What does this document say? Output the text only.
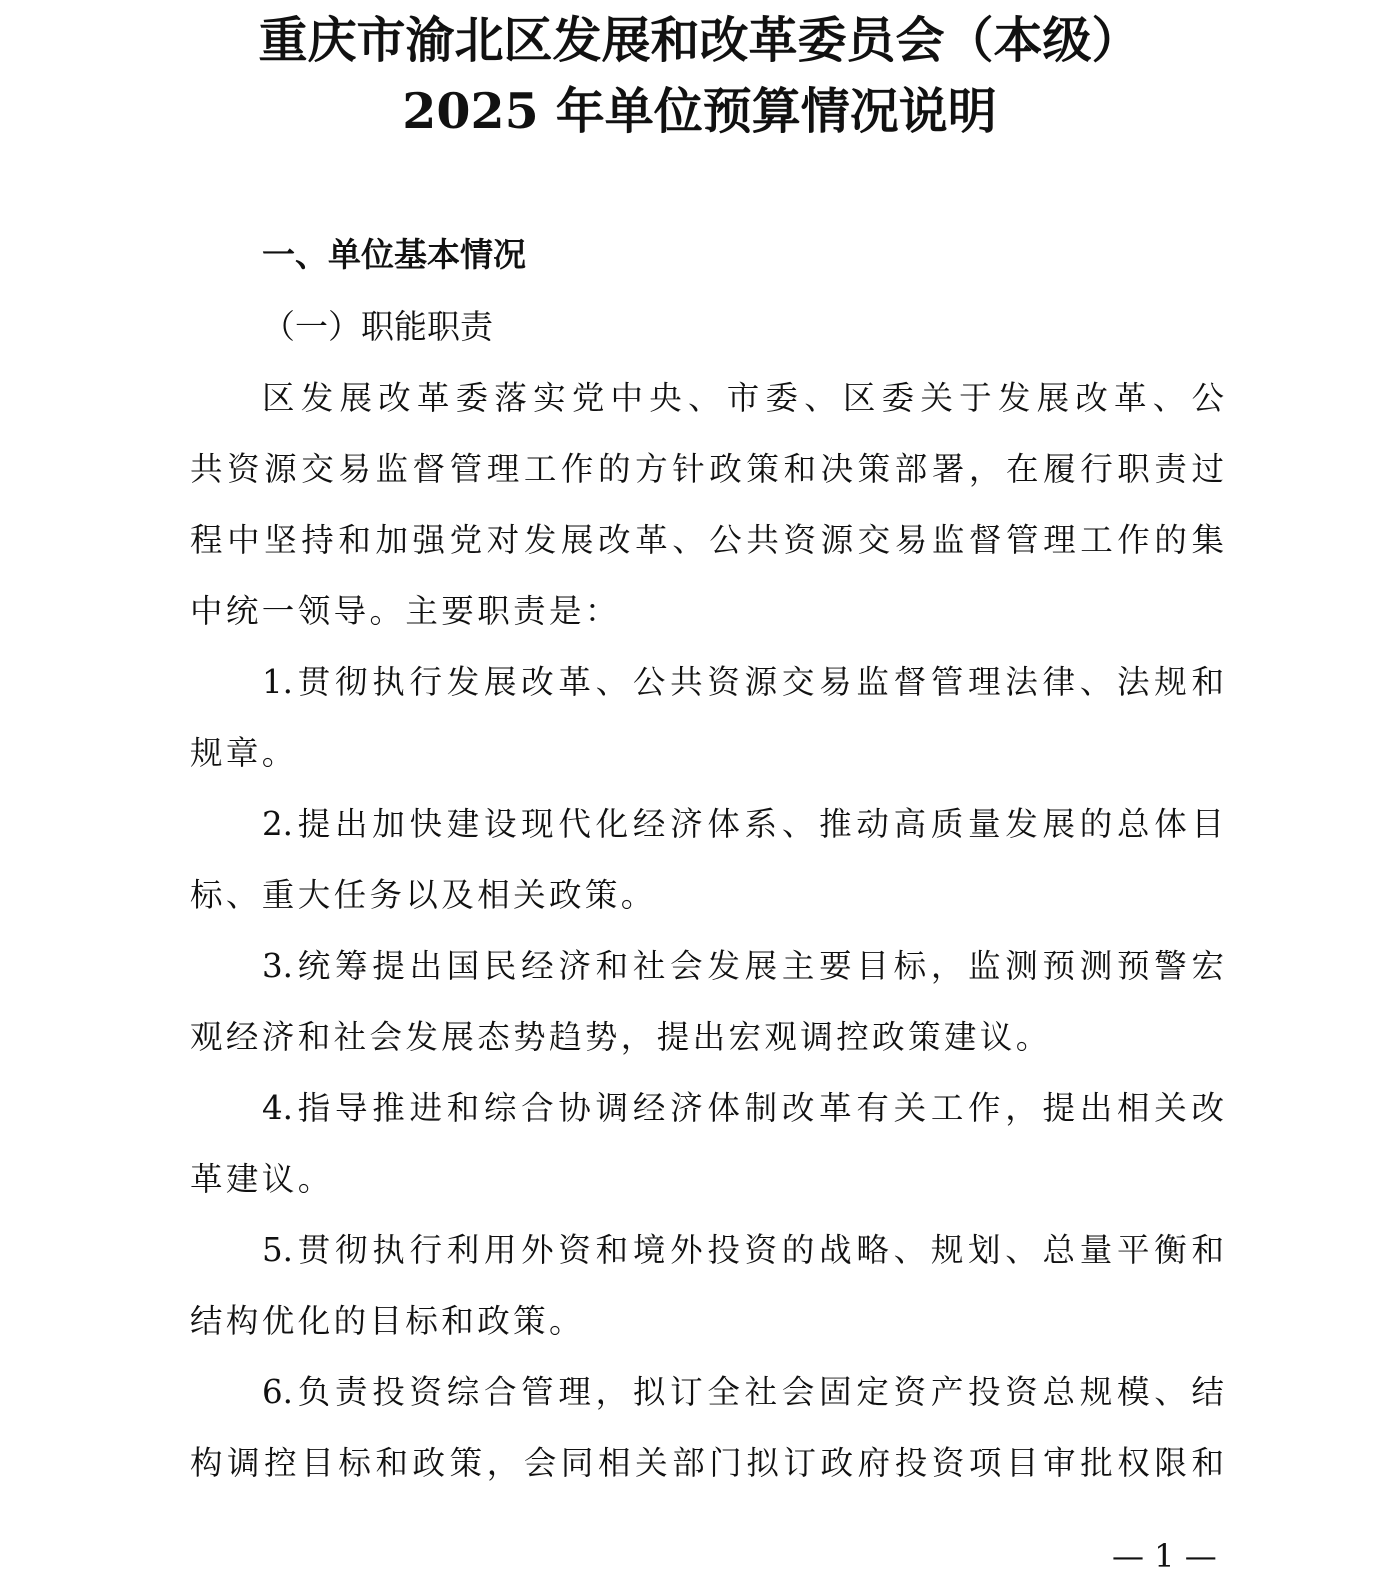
重庆市渝北区发展和改革委员会（本级）
2025 年单位预算情况说明
一、单位基本情况
（一）职能职责
区发展改革委落实党中央、市委、区委关于发展改革、公
共资源交易监督管理工作的方针政策和决策部署，在履行职责过
程中坚持和加强党对发展改革、公共资源交易监督管理工作的集
中统一领导。主要职责是：
1.贯彻执行发展改革、公共资源交易监督管理法律、法规和
规章。
2.提出加快建设现代化经济体系、推动高质量发展的总体目
标、重大任务以及相关政策。
3.统筹提出国民经济和社会发展主要目标，监测预测预警宏
观经济和社会发展态势趋势，提出宏观调控政策建议。
4.指导推进和综合协调经济体制改革有关工作，提出相关改
革建议。
5.贯彻执行利用外资和境外投资的战略、规划、总量平衡和
结构优化的目标和政策。
6.负责投资综合管理，拟订全社会固定资产投资总规模、结
构调控目标和政策，会同相关部门拟订政府投资项目审批权限和
— 1 —
